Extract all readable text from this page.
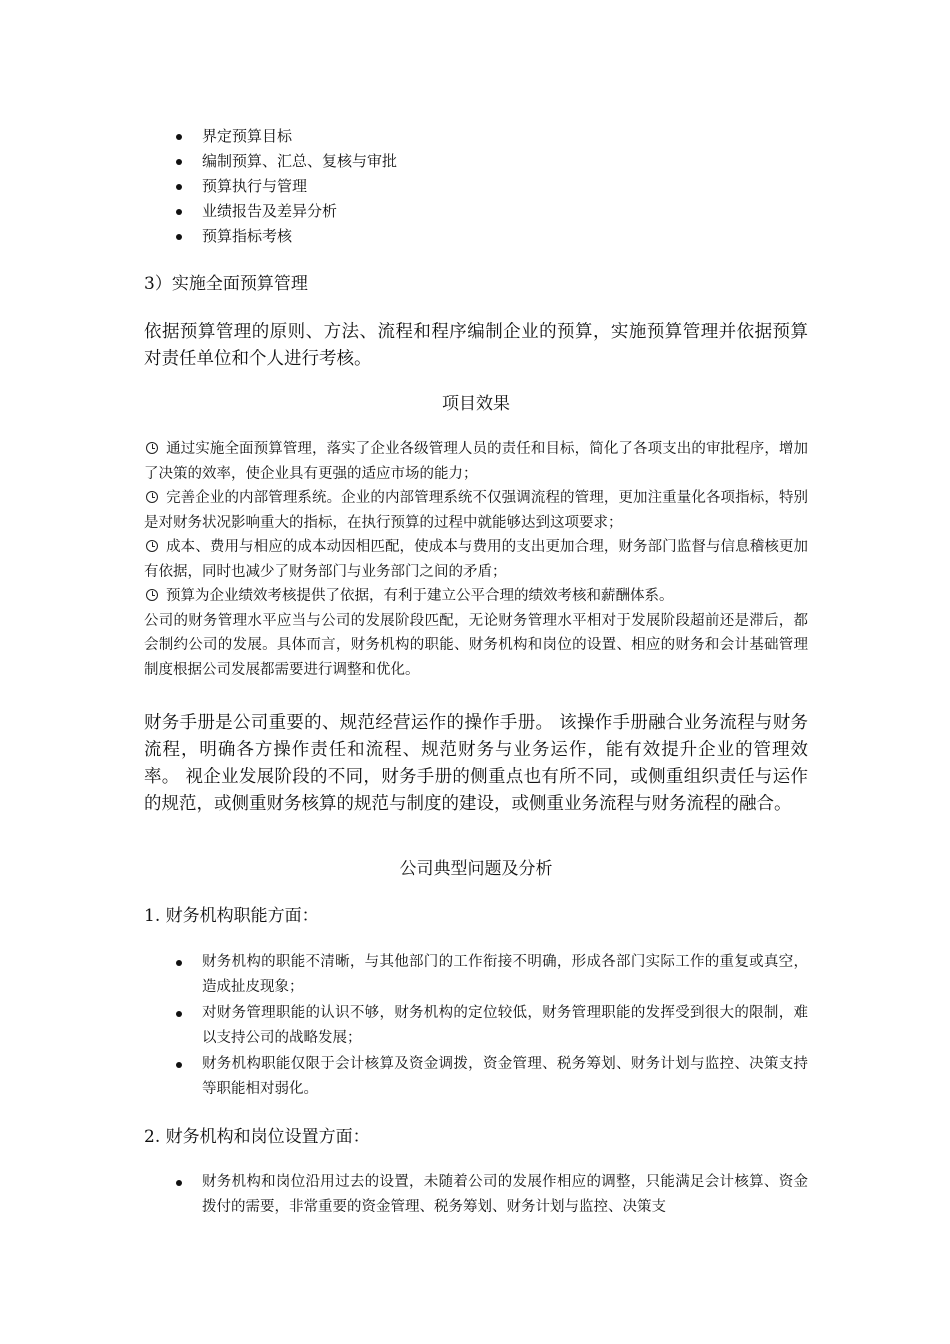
界定预算目标
编制预算、汇总、复核与审批
预算执行与管理
业绩报告及差异分析
预算指标考核

3）实施全面预算管理

依据预算管理的原则、方法、流程和程序编制企业的预算，实施预算管理并依据预算对责任单位和个人进行考核。

项目效果

通过实施全面预算管理，落实了企业各级管理人员的责任和目标，简化了各项支出的审批程序，增加了决策的效率，使企业具有更强的适应市场的能力；

完善企业的内部管理系统。企业的内部管理系统不仅强调流程的管理，更加注重量化各项指标，特别是对财务状况影响重大的指标，在执行预算的过程中就能够达到这项要求；

成本、费用与相应的成本动因相匹配，使成本与费用的支出更加合理，财务部门监督与信息稽核更加有依据，同时也减少了财务部门与业务部门之间的矛盾；

预算为企业绩效考核提供了依据，有利于建立公平合理的绩效考核和薪酬体系。

公司的财务管理水平应当与公司的发展阶段匹配，无论财务管理水平相对于发展阶段超前还是滞后，都会制约公司的发展。具体而言，财务机构的职能、财务机构和岗位的设置、相应的财务和会计基础管理制度根据公司发展都需要进行调整和优化。

财务手册是公司重要的、规范经营运作的操作手册。 该操作手册融合业务流程与财务流程，明确各方操作责任和流程、规范财务与业务运作，能有效提升企业的管理效率。 视企业发展阶段的不同，财务手册的侧重点也有所不同，或侧重组织责任与运作的规范，或侧重财务核算的规范与制度的建设，或侧重业务流程与财务流程的融合。

公司典型问题及分析

1. 财务机构职能方面：

财务机构的职能不清晰，与其他部门的工作衔接不明确，形成各部门实际工作的重复或真空，造成扯皮现象；
对财务管理职能的认识不够，财务机构的定位较低，财务管理职能的发挥受到很大的限制，难以支持公司的战略发展；
财务机构职能仅限于会计核算及资金调拨，资金管理、税务筹划、财务计划与监控、决策支持等职能相对弱化。

2. 财务机构和岗位设置方面：

财务机构和岗位沿用过去的设置，未随着公司的发展作相应的调整，只能满足会计核算、资金拨付的需要，非常重要的资金管理、税务筹划、财务计划与监控、决策支
